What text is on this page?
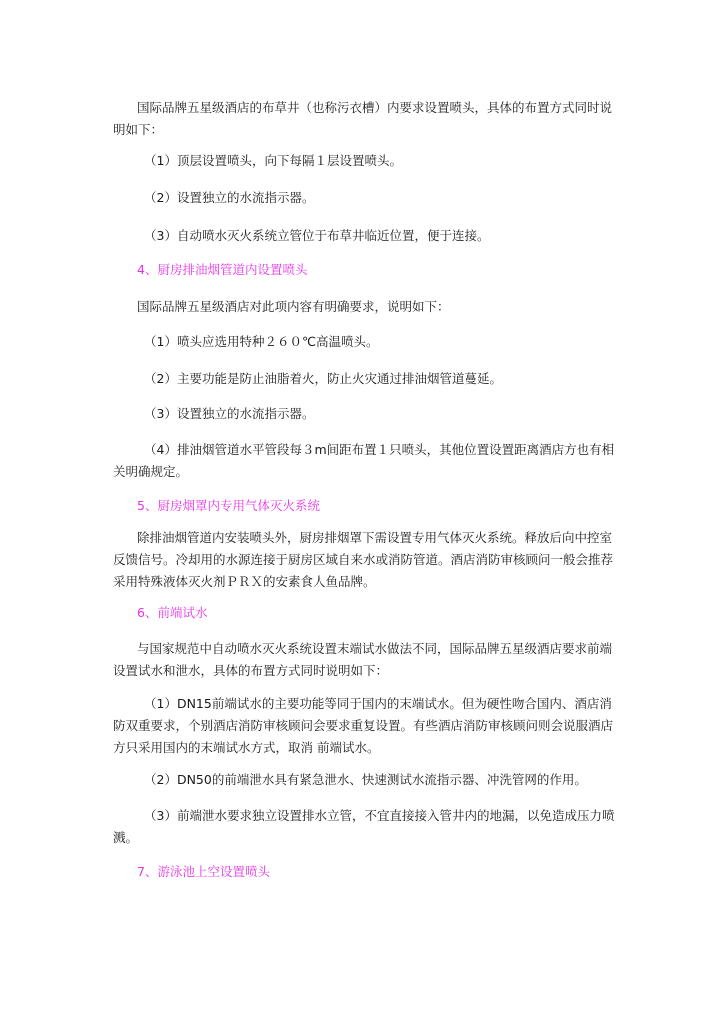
国际品牌五星级酒店的布草井（也称污衣槽）内要求设置喷头，具体的布置方式同时说明如下：

（1）顶层设置喷头，向下每隔１层设置喷头。

（2）设置独立的水流指示器。

（3）自动喷水灭火系统立管位于布草井临近位置，便于连接。

4、厨房排油烟管道内设置喷头

国际品牌五星级酒店对此项内容有明确要求，说明如下：

（1）喷头应选用特种２６０℃高温喷头。

（2）主要功能是防止油脂着火，防止火灾通过排油烟管道蔓延。

（3）设置独立的水流指示器。

（4）排油烟管道水平管段每３m间距布置１只喷头，其他位置设置距离酒店方也有相关明确规定。

5、厨房烟罩内专用气体灭火系统

除排油烟管道内安装喷头外，厨房排烟罩下需设置专用气体灭火系统。释放后向中控室反馈信号。冷却用的水源连接于厨房区域自来水或消防管道。酒店消防审核顾问一般会推荐采用特殊液体灭火剂ＰＲＸ的安素食人鱼品牌。

6、前端试水

与国家规范中自动喷水灭火系统设置末端试水做法不同，国际品牌五星级酒店要求前端设置试水和泄水，具体的布置方式同时说明如下：

（1）DN15前端试水的主要功能等同于国内的末端试水。但为硬性吻合国内、酒店消防双重要求，个别酒店消防审核顾问会要求重复设置。有些酒店消防审核顾问则会说服酒店方只采用国内的末端试水方式，取消 前端试水。

（2）DN50的前端泄水具有紧急泄水、快速测试水流指示器、冲洗管网的作用。

（3）前端泄水要求独立设置排水立管，不宜直接接入管井内的地漏，以免造成压力喷溅。

7、游泳池上空设置喷头
